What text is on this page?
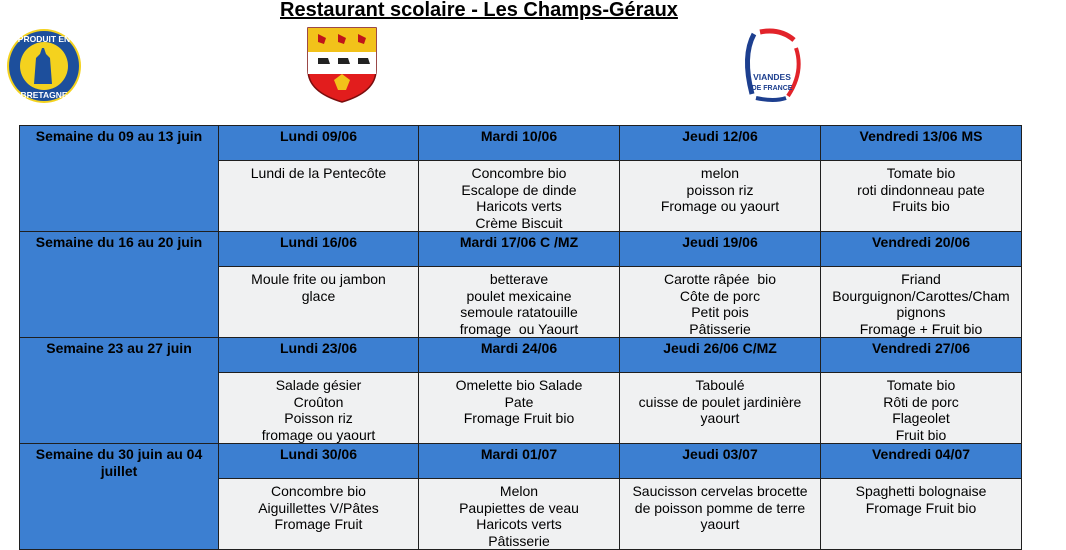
Restaurant scolaire - Les Champs-Géraux
PRODUIT EN
BRETAGNE
VIANDES
DE FRANCE
Semaine du 09 au 13 juin	Lundi 09/06	Mardi 10/06	Jeudi 12/06	Vendredi 13/06 MS

	Lundi de la Pentecôte	Concombre bio
Escalope de dinde
Haricots verts
Crème Biscuit	melon
poisson riz
Fromage ou yaourt	Tomate bio
roti dindonneau pate
Fruits bio

Semaine du 16 au 20 juin	Lundi 16/06	Mardi 17/06 C /MZ	Jeudi 19/06	Vendredi 20/06

	Moule frite ou jambon
glace	betterave
poulet mexicaine
semoule ratatouille
fromage  ou Yaourt	Carotte râpée  bio
Côte de porc
Petit pois
Pâtisserie	Friand
Bourguignon/Carottes/Cham
pignons
Fromage + Fruit bio

Semaine 23 au 27 juin	Lundi 23/06	Mardi 24/06	Jeudi 26/06 C/MZ	Vendredi 27/06

	Salade gésier
Croûton
Poisson riz
fromage ou yaourt	Omelette bio Salade
Pate
Fromage Fruit bio	Taboulé
cuisse de poulet jardinière
yaourt	Tomate bio
Rôti de porc
Flageolet
Fruit bio

Semaine du 30 juin au 04 juillet	Lundi 30/06	Mardi 01/07	Jeudi 03/07	Vendredi 04/07

	Concombre bio
Aiguillettes V/Pâtes
Fromage Fruit	Melon
Paupiettes de veau
Haricots verts
Pâtisserie	Saucisson cervelas brocette
de poisson pomme de terre
yaourt	Spaghetti bolognaise
Fromage Fruit bio
